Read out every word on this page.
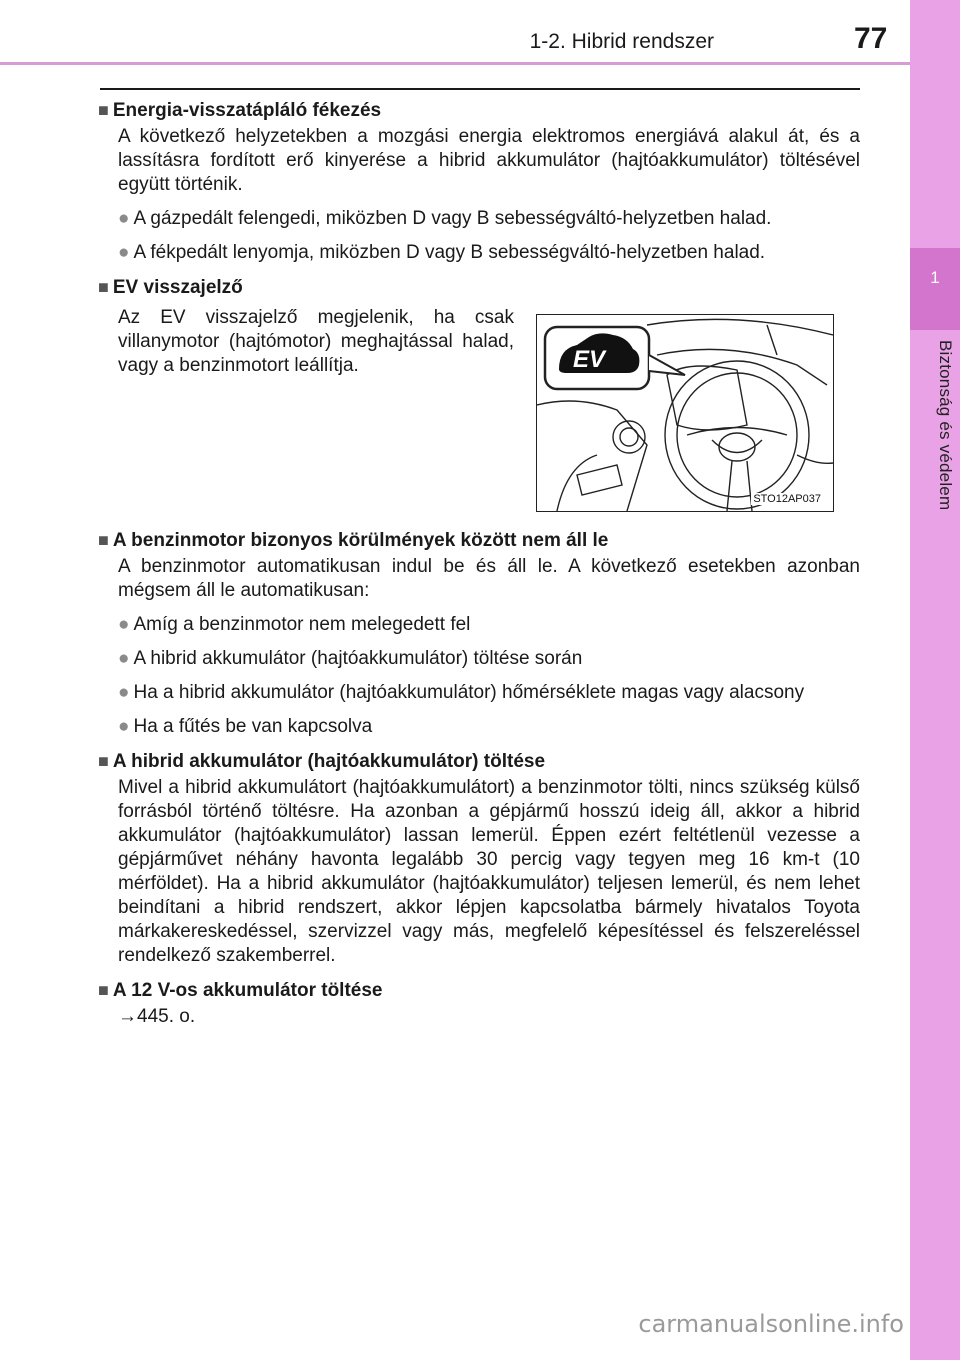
1-2. Hibrid rendszer	77
1
Biztonság és védelem

■ Energia-visszatápláló fékezés

A következő helyzetekben a mozgási energia elektromos energiává alakul át, és a lassításra fordított erő kinyerése a hibrid akkumulátor (hajtóakkumulátor) töltésével együtt történik.

● A gázpedált felengedi, miközben D vagy B sebességváltó-helyzetben halad.
● A fékpedált lenyomja, miközben D vagy B sebességváltó-helyzetben halad.

■ EV visszajelző

Az EV visszajelző megjelenik, ha csak villanymotor (hajtómotor) meghajtással halad, vagy a benzinmotort leállítja.	EV
STO12AP037

■ A benzinmotor bizonyos körülmények között nem áll le

A benzinmotor automatikusan indul be és áll le. A következő esetekben azonban mégsem áll le automatikusan:

● Amíg a benzinmotor nem melegedett fel
● A hibrid akkumulátor (hajtóakkumulátor) töltése során
● Ha a hibrid akkumulátor (hajtóakkumulátor) hőmérséklete magas vagy alacsony
● Ha a fűtés be van kapcsolva

■ A hibrid akkumulátor (hajtóakkumulátor) töltése

Mivel a hibrid akkumulátort (hajtóakkumulátort) a benzinmotor tölti, nincs szükség külső forrásból történő töltésre. Ha azonban a gépjármű hosszú ideig áll, akkor a hibrid akkumulátor (hajtóakkumulátor) lassan lemerül. Éppen ezért feltétlenül vezesse a gépjárművet néhány havonta legalább 30 percig vagy tegyen meg 16 km-t (10 mérföldet). Ha a hibrid akkumulátor (hajtóakkumulátor) teljesen lemerül, és nem lehet beindítani a hibrid rendszert, akkor lépjen kapcsolatba bármely hivatalos Toyota márkakereskedéssel, szervizzel vagy más, megfelelő képesítéssel és felszereléssel rendelkező szakemberrel.

■ A 12 V-os akkumulátor töltése

→445. o.

carmanualsonline.info
